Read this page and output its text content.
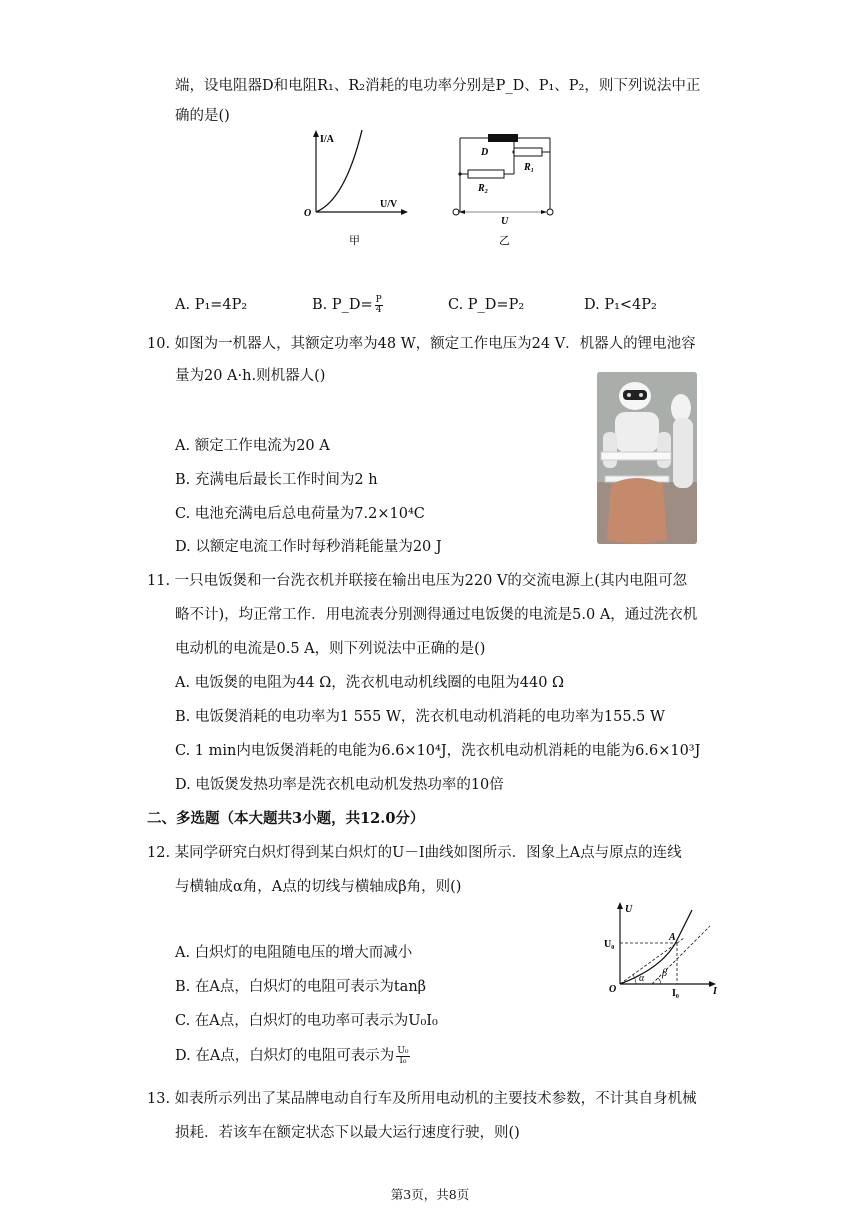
端，设电阻器D和电阻R₁、R₂消耗的电功率分别是P_D、P₁、P₂，则下列说法中正
确的是()
I/A
U/V
O
甲
D
R₁
R₂
U
乙
A. P₁=4P₂	B. P_D= $\frac{P}{4}$	C. P_D=P₂	D. P₁<4P₂
10. 如图为一机器人，其额定功率为48 W，额定工作电压为24 V．机器人的锂电池容
量为20 A·h.则机器人()
A. 额定工作电流为20 A
B. 充满电后最长工作时间为2 h
C. 电池充满电后总电荷量为7.2×10⁴C
D. 以额定电流工作时每秒消耗能量为20 J
11. 一只电饭煲和一台洗衣机并联接在输出电压为220 V的交流电源上(其内电阻可忽
略不计)，均正常工作．用电流表分别测得通过电饭煲的电流是5.0 A，通过洗衣机
电动机的电流是0.5 A，则下列说法中正确的是()
A. 电饭煲的电阻为44 Ω，洗衣机电动机线圈的电阻为440 Ω
B. 电饭煲消耗的电功率为1 555 W，洗衣机电动机消耗的电功率为155.5 W
C. 1 min内电饭煲消耗的电能为6.6×10⁴J，洗衣机电动机消耗的电能为6.6×10³J
D. 电饭煲发热功率是洗衣机电动机发热功率的10倍
二、多选题（本大题共3小题，共12.0分）
12. 某同学研究白炽灯得到某白炽灯的U－I曲线如图所示．图象上A点与原点的连线
与横轴成α角，A点的切线与横轴成β角，则()
U
I
O
U₀
I₀
A
α β
A. 白炽灯的电阻随电压的增大而减小
B. 在A点，白炽灯的电阻可表示为tanβ
C. 在A点，白炽灯的电功率可表示为U₀I₀
D. 在A点，白炽灯的电阻可表示为 $\frac{\text{U₀}}{\text{I₀}}$
13. 如表所示列出了某品牌电动自行车及所用电动机的主要技术参数，不计其自身机械
损耗．若该车在额定状态下以最大运行速度行驶，则()
第3页，共8页
